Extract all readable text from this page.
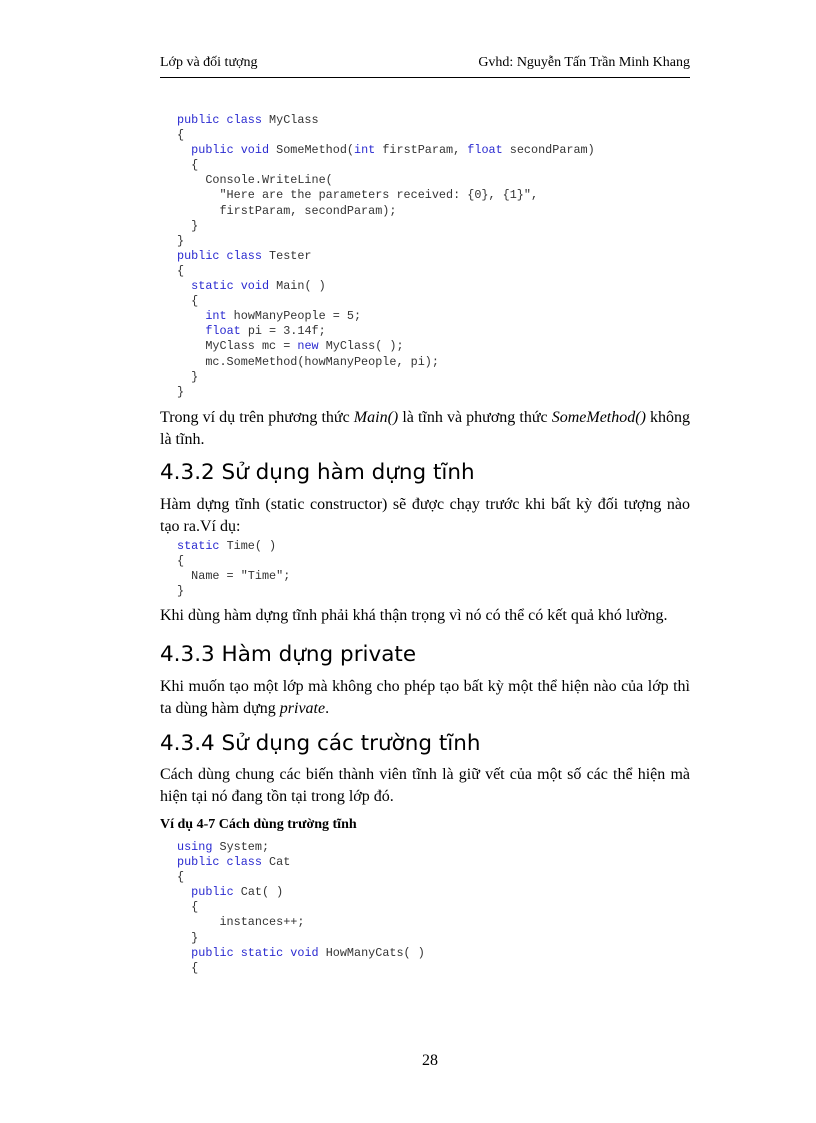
Lớp và đối tượng	Gvhd: Nguyễn Tấn Trần Minh Khang
public class MyClass
{
public void SomeMethod(int firstParam, float secondParam)
{
Console.WriteLine(
"Here are the parameters received: {0}, {1}",
firstParam, secondParam);
}
}
public class Tester
{
static void Main( )
{
int howManyPeople = 5;
float pi = 3.14f;
MyClass mc = new MyClass( );
mc.SomeMethod(howManyPeople, pi);
}
}

Trong ví dụ trên phương thức Main() là tĩnh và phương thức SomeMethod() không là tĩnh.

4.3.2 Sử dụng hàm dựng tĩnh

Hàm dựng tĩnh (static constructor) sẽ được chạy trước khi bất kỳ đối tượng nào tạo ra.Ví dụ:

static Time( )
{
Name = "Time";
}

Khi dùng hàm dựng tĩnh phải khá thận trọng vì nó có thể có kết quả khó lường.

4.3.3 Hàm dựng private

Khi muốn tạo một lớp mà không cho phép tạo bất kỳ một thể hiện nào của lớp thì ta dùng hàm dựng private.

4.3.4 Sử dụng các trường tĩnh

Cách dùng chung các biến thành viên tĩnh là giữ vết của một số các thể hiện mà hiện tại nó đang tồn tại trong lớp đó.

Ví dụ 4-7 Cách dùng trường tĩnh
using System;
public class Cat
{
public Cat( )
{
instances++;
}
public static void HowManyCats( )
{
28
